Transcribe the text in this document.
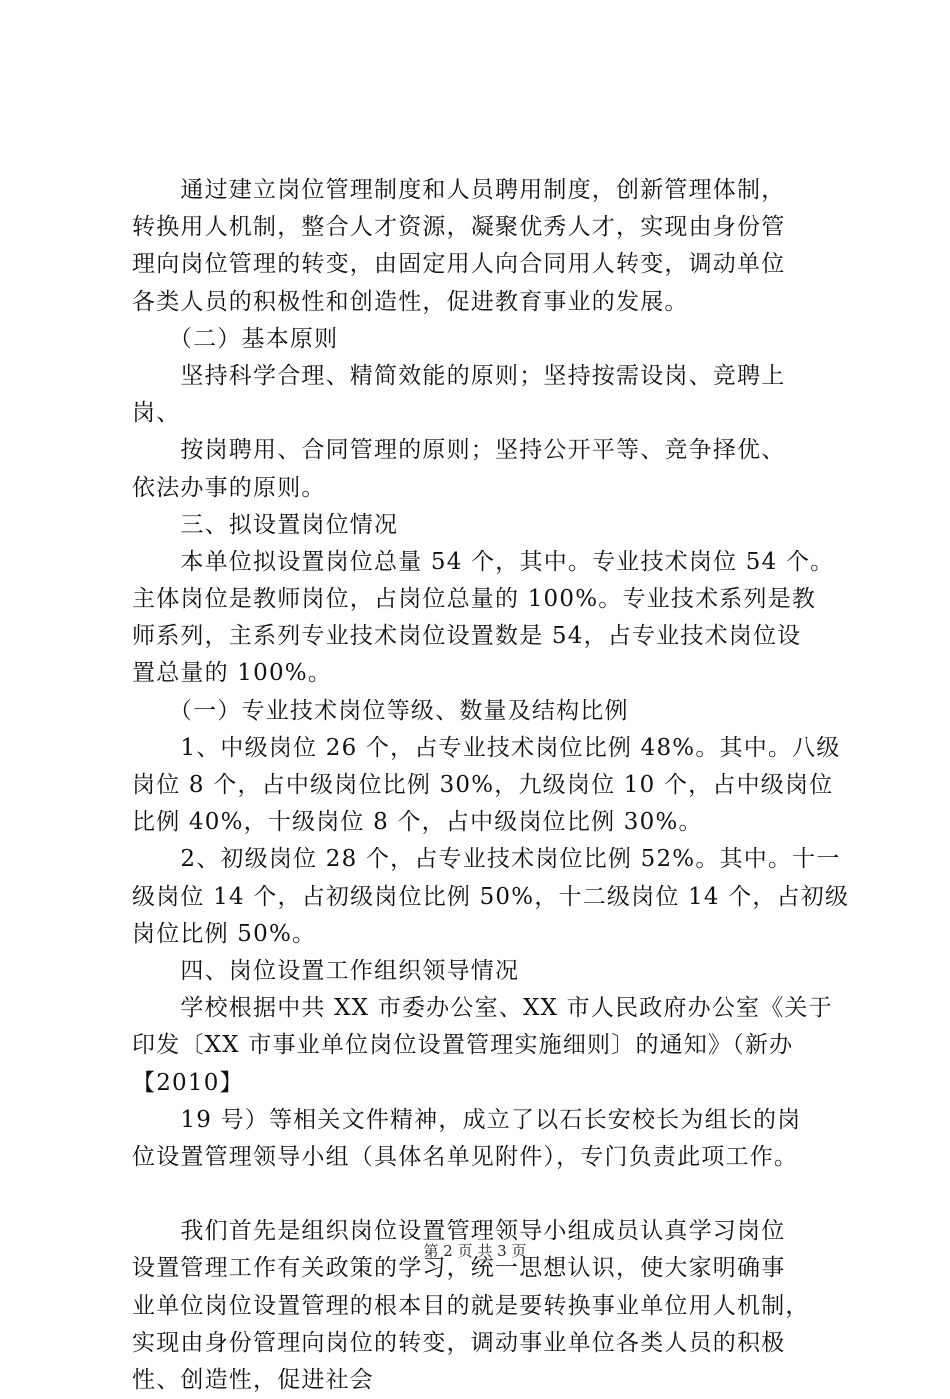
　　通过建立岗位管理制度和人员聘用制度，创新管理体制，
转换用人机制，整合人才资源，凝聚优秀人才，实现由身份管
理向岗位管理的转变，由固定用人向合同用人转变，调动单位
各类人员的积极性和创造性，促进教育事业的发展。
　　（二）基本原则
　　坚持科学合理、精简效能的原则；坚持按需设岗、竞聘上
岗、
　　按岗聘用、合同管理的原则；坚持公开平等、竞争择优、
依法办事的原则。
　　三、拟设置岗位情况
　　本单位拟设置岗位总量 54 个，其中。专业技术岗位 54 个。
主体岗位是教师岗位，占岗位总量的 100%。专业技术系列是教
师系列，主系列专业技术岗位设置数是 54，占专业技术岗位设
置总量的 100%。
　　（一）专业技术岗位等级、数量及结构比例
　　1、中级岗位 26 个，占专业技术岗位比例 48%。其中。八级
岗位 8 个，占中级岗位比例 30%，九级岗位 10 个，占中级岗位
比例 40%，十级岗位 8 个，占中级岗位比例 30%。
　　2、初级岗位 28 个，占专业技术岗位比例 52%。其中。十一
级岗位 14 个，占初级岗位比例 50%，十二级岗位 14 个，占初级
岗位比例 50%。
　　四、岗位设置工作组织领导情况
　　学校根据中共 XX 市委办公室、XX 市人民政府办公室《关于
印发〔XX 市事业单位岗位设置管理实施细则〕的通知》（新办
【2010】
　　19 号）等相关文件精神，成立了以石长安校长为组长的岗
位设置管理领导小组（具体名单见附件），专门负责此项工作。
　　我们首先是组织岗位设置管理领导小组成员认真学习岗位
设置管理工作有关政策的学习，统一思想认识，使大家明确事
业单位岗位设置管理的根本目的就是要转换事业单位用人机制，
实现由身份管理向岗位的转变，调动事业单位各类人员的积极
性、创造性，促进社会
第 2 页 共 3 页
